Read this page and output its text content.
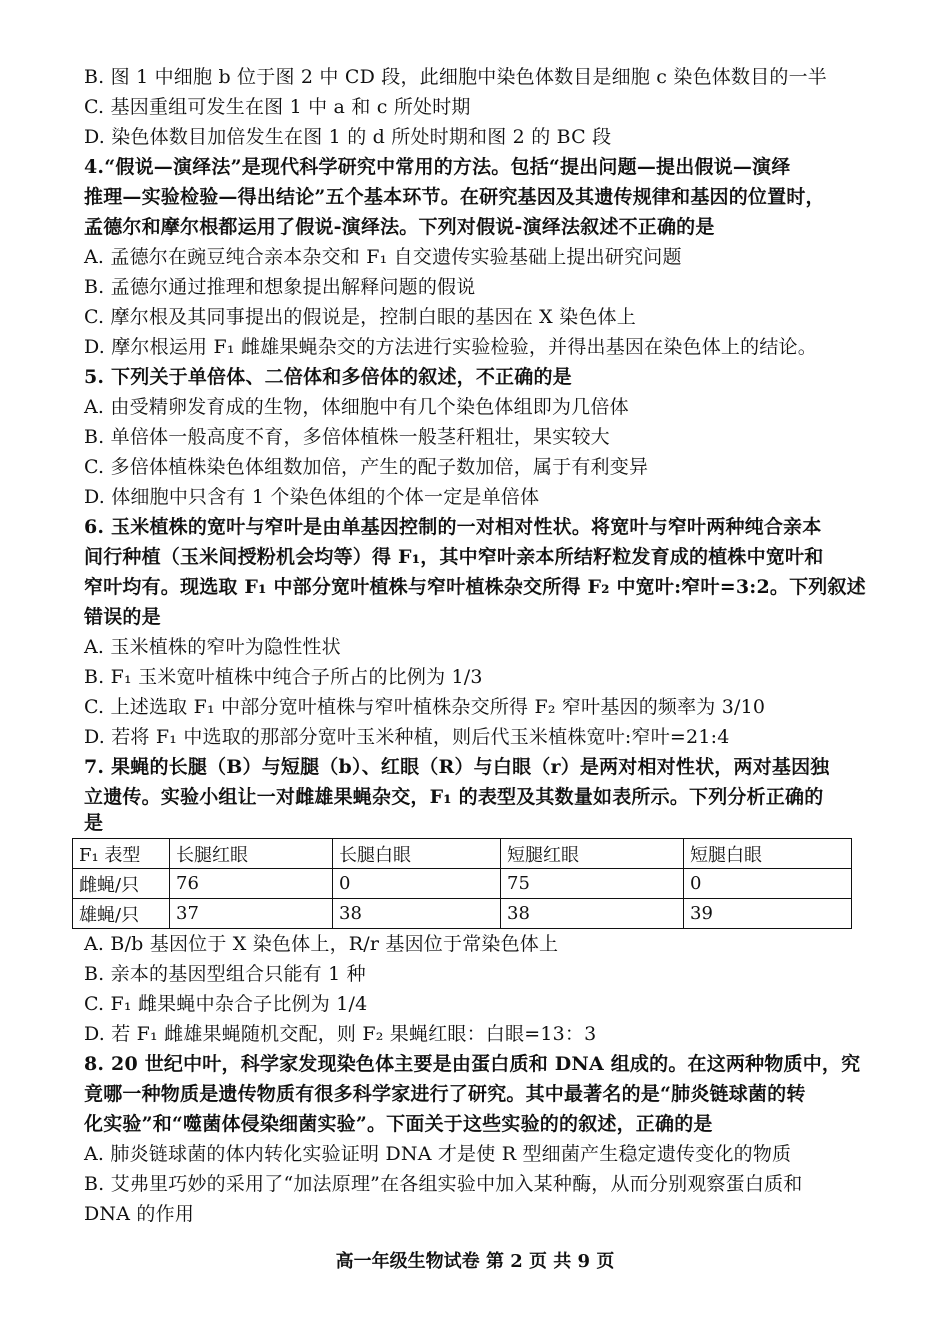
B. 图 1 中细胞 b 位于图 2 中 CD 段，此细胞中染色体数目是细胞 c 染色体数目的一半

C. 基因重组可发生在图 1 中 a 和 c 所处时期

D. 染色体数目加倍发生在图 1 的 d 所处时期和图 2 的 BC 段

4.“假说—演绎法”是现代科学研究中常用的方法。包括“提出问题—提出假说—演绎

推理—实验检验—得出结论”五个基本环节。在研究基因及其遗传规律和基因的位置时，

孟德尔和摩尔根都运用了假说-演绎法。下列对假说-演绎法叙述不正确的是

A. 孟德尔在豌豆纯合亲本杂交和 F₁ 自交遗传实验基础上提出研究问题

B. 孟德尔通过推理和想象提出解释问题的假说

C. 摩尔根及其同事提出的假说是，控制白眼的基因在 X 染色体上

D. 摩尔根运用 F₁ 雌雄果蝇杂交的方法进行实验检验，并得出基因在染色体上的结论。

5. 下列关于单倍体、二倍体和多倍体的叙述，不正确的是

A. 由受精卵发育成的生物，体细胞中有几个染色体组即为几倍体

B. 单倍体一般高度不育，多倍体植株一般茎秆粗壮，果实较大

C. 多倍体植株染色体组数加倍，产生的配子数加倍，属于有利变异

D. 体细胞中只含有 1 个染色体组的个体一定是单倍体

6. 玉米植株的宽叶与窄叶是由单基因控制的一对相对性状。将宽叶与窄叶两种纯合亲本

间行种植（玉米间授粉机会均等）得 F₁，其中窄叶亲本所结籽粒发育成的植株中宽叶和

窄叶均有。现选取 F₁ 中部分宽叶植株与窄叶植株杂交所得 F₂ 中宽叶:窄叶=3:2。下列叙述

错误的是

A. 玉米植株的窄叶为隐性性状

B. F₁ 玉米宽叶植株中纯合子所占的比例为 1/3

C. 上述选取 F₁ 中部分宽叶植株与窄叶植株杂交所得 F₂ 窄叶基因的频率为 3/10

D. 若将 F₁ 中选取的那部分宽叶玉米种植，则后代玉米植株宽叶:窄叶=21:4

7. 果蝇的长腿（B）与短腿（b）、红眼（R）与白眼（r）是两对相对性状，两对基因独

立遗传。实验小组让一对雌雄果蝇杂交，F₁ 的表型及其数量如表所示。下列分析正确的

是

F₁ 表型	长腿红眼	长腿白眼	短腿红眼	短腿白眼
雌蝇/只	76	0	75	0
雄蝇/只	37	38	38	39

A. B/b 基因位于 X 染色体上，R/r 基因位于常染色体上

B. 亲本的基因型组合只能有 1 种

C. F₁ 雌果蝇中杂合子比例为 1/4

D. 若 F₁ 雌雄果蝇随机交配，则 F₂ 果蝇红眼：白眼=13：3

8. 20 世纪中叶，科学家发现染色体主要是由蛋白质和 DNA 组成的。在这两种物质中，究

竟哪一种物质是遗传物质有很多科学家进行了研究。其中最著名的是“肺炎链球菌的转

化实验”和“噬菌体侵染细菌实验”。下面关于这些实验的的叙述，正确的是

A. 肺炎链球菌的体内转化实验证明 DNA 才是使 R 型细菌产生稳定遗传变化的物质

B. 艾弗里巧妙的采用了“加法原理”在各组实验中加入某种酶，从而分别观察蛋白质和

DNA 的作用

高一年级生物试卷 第 2 页 共 9 页
